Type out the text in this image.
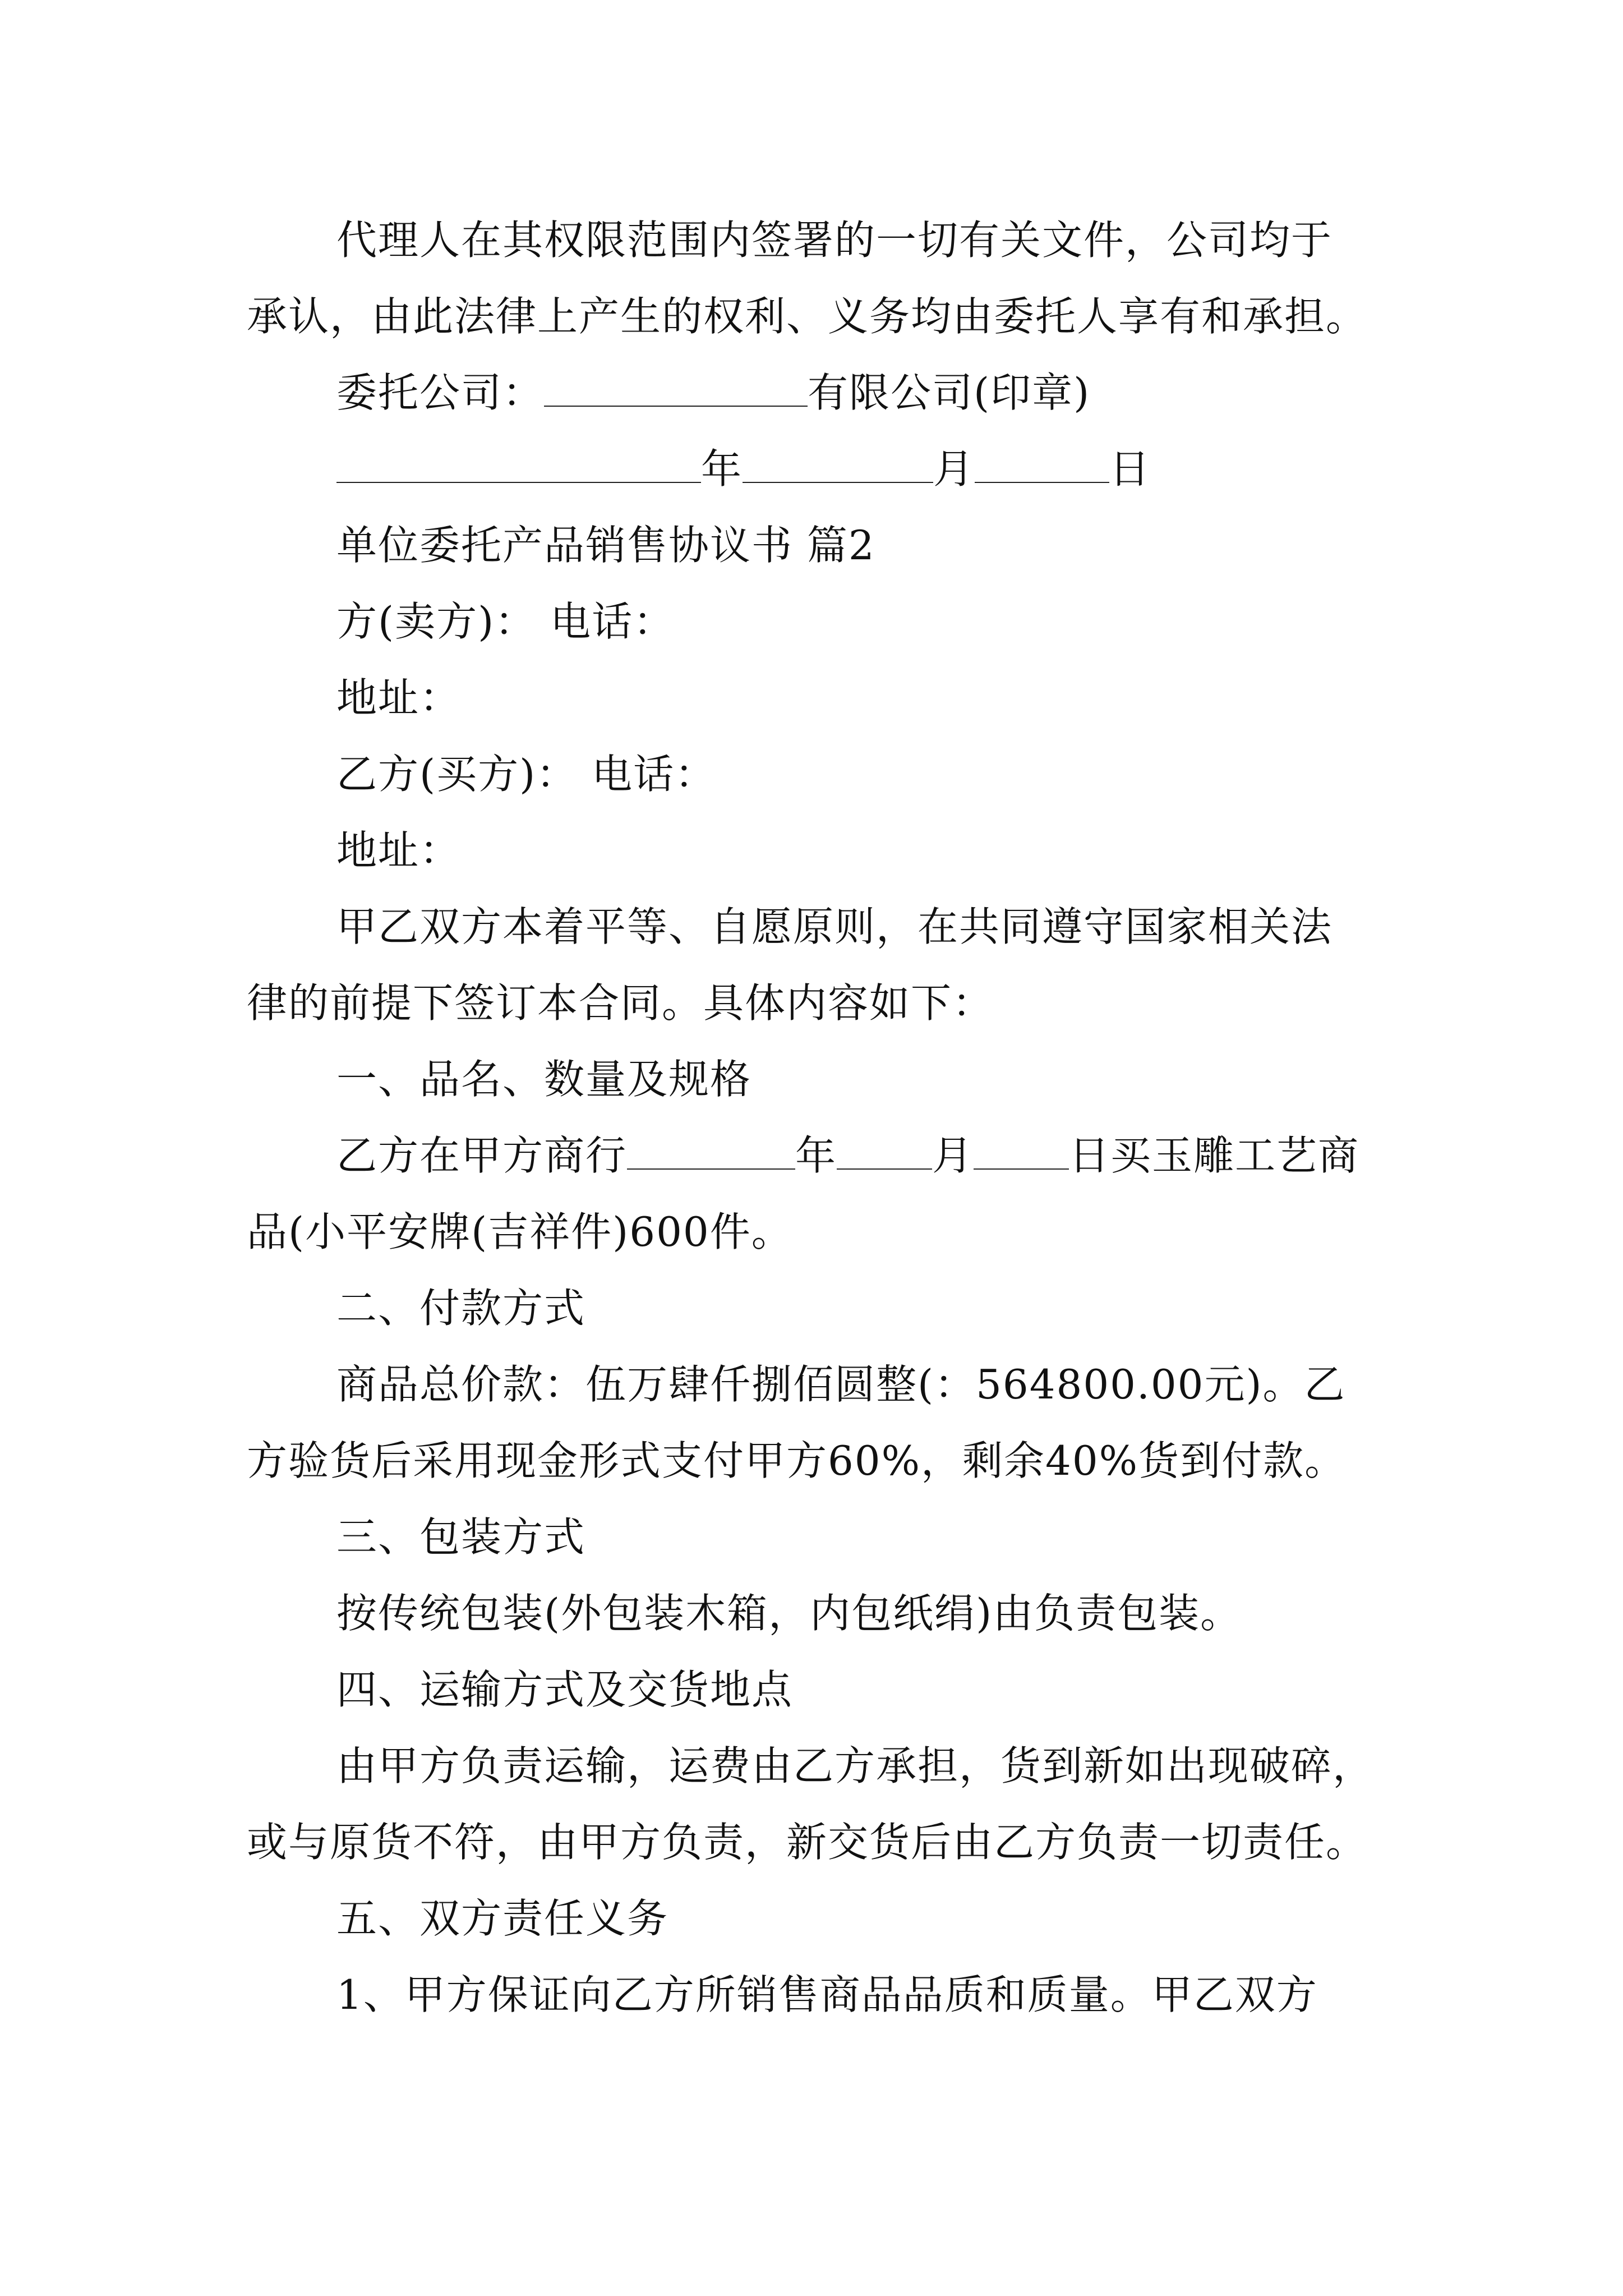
代理人在其权限范围内签署的一切有关文件，公司均于

承认，由此法律上产生的权利、义务均由委托人享有和承担。

委托公司：	有限公司(印章)

年	月	日

单位委托产品销售协议书 篇2

方(卖方)： 电话：

地址：

乙方(买方)： 电话：

地址：

甲乙双方本着平等、自愿原则，在共同遵守国家相关法

律的前提下签订本合同。具体内容如下：

一、品名、数量及规格

乙方在甲方商行	年 月 日买玉雕工艺商

品(小平安牌(吉祥件)600件。

二、付款方式

商品总价款：伍万肆仟捌佰圆整(：564800.00元)。乙

方验货后采用现金形式支付甲方60%，剩余40%货到付款。

三、包装方式

按传统包装(外包装木箱，内包纸绢)由负责包装。

四、运输方式及交货地点

由甲方负责运输，运费由乙方承担，货到新如出现破碎，

或与原货不符，由甲方负责，新交货后由乙方负责一切责任。

五、双方责任义务

1、甲方保证向乙方所销售商品品质和质量。甲乙双方
